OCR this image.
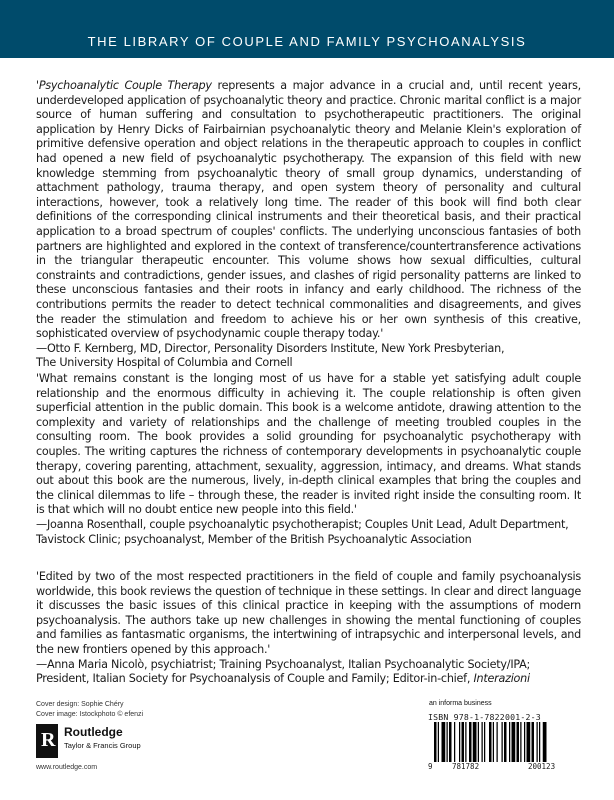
THE LIBRARY OF COUPLE AND FAMILY PSYCHOANALYSIS

'Psychoanalytic Couple Therapy represents a major advance in a crucial and, until recent years, underdeveloped application of psychoanalytic theory and practice. Chronic marital conflict is a major source of human suffering and consultation to psychotherapeutic practitioners. The original application by Henry Dicks of Fairbairnian psychoanalytic theory and Melanie Klein's exploration of primitive defensive operation and object relations in the therapeutic approach to couples in conflict had opened a new field of psychoanalytic psychotherapy. The expansion of this field with new knowledge stemming from psychoanalytic theory of small group dynamics, understanding of attachment pathology, trauma therapy, and open system theory of personality and cultural interactions, however, took a relatively long time. The reader of this book will find both clear definitions of the corresponding clinical instruments and their theoretical basis, and their practical application to a broad spectrum of couples' conflicts. The underlying unconscious fantasies of both partners are highlighted and explored in the context of transference/countertransference activations in the triangular therapeutic encounter. This volume shows how sexual difficulties, cultural constraints and contradictions, gender issues, and clashes of rigid personality patterns are linked to these unconscious fantasies and their roots in infancy and early childhood. The richness of the contributions permits the reader to detect technical commonalities and disagreements, and gives the reader the stimulation and freedom to achieve his or her own synthesis of this creative, sophisticated overview of psychodynamic couple therapy today.'

—Otto F. Kernberg, MD, Director, Personality Disorders Institute, New York Presbyterian,

The University Hospital of Columbia and Cornell

'What remains constant is the longing most of us have for a stable yet satisfying adult couple relationship and the enormous difficulty in achieving it. The couple relationship is often given superficial attention in the public domain. This book is a welcome antidote, drawing attention to the complexity and variety of relationships and the challenge of meeting troubled couples in the consulting room. The book provides a solid grounding for psychoanalytic psychotherapy with couples. The writing captures the richness of contemporary developments in psychoanalytic couple therapy, covering parenting, attachment, sexuality, aggression, intimacy, and dreams. What stands out about this book are the numerous, lively, in-depth clinical examples that bring the couples and the clinical dilemmas to life – through these, the reader is invited right inside the consulting room. It is that which will no doubt entice new people into this field.'

—Joanna Rosenthall, couple psychoanalytic psychotherapist; Couples Unit Lead, Adult Department,

Tavistock Clinic; psychoanalyst, Member of the British Psychoanalytic Association

'Edited by two of the most respected practitioners in the field of couple and family psychoanalysis worldwide, this book reviews the question of technique in these settings. In clear and direct language it discusses the basic issues of this clinical practice in keeping with the assumptions of modern psychoanalysis. The authors take up new challenges in showing the mental functioning of couples and families as fantasmatic organisms, the intertwining of intrapsychic and interpersonal levels, and the new frontiers opened by this approach.'

—Anna Maria Nicolò, psychiatrist; Training Psychoanalyst, Italian Psychoanalytic Society/IPA;

President, Italian Society for Psychoanalysis of Couple and Family; Editor-in-chief, Interazioni

Cover design: Sophie Chéry
Cover image: Istockphoto © efenzi
R Routledge
Taylor & Francis Group
www.routledge.com
an informa business
ISBN 978-1-7822001-2-3
9	781782	200123
